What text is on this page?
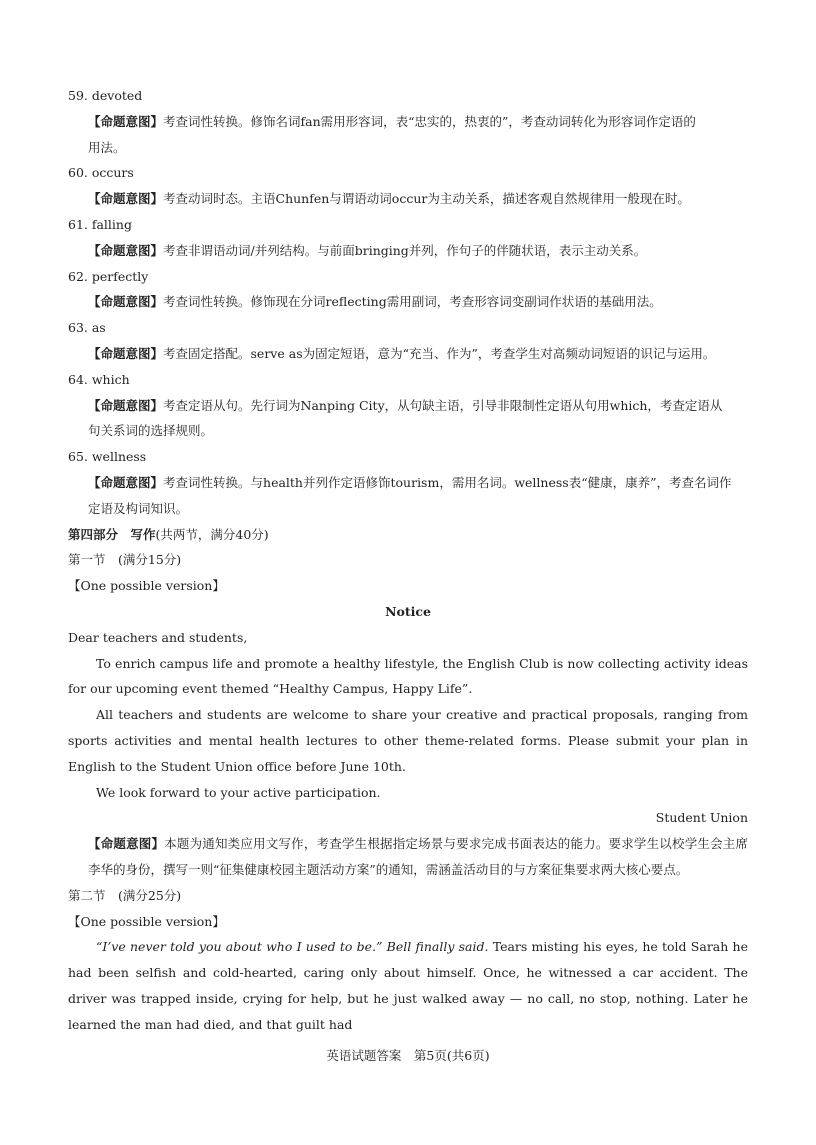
59. devoted
【命题意图】考查词性转换。修饰名词fan需用形容词，表“忠实的，热衷的”，考查动词转化为形容词作定语的
用法。
60. occurs
【命题意图】考查动词时态。主语Chunfen与谓语动词occur为主动关系，描述客观自然规律用一般现在时。
61. falling
【命题意图】考查非谓语动词/并列结构。与前面bringing并列，作句子的伴随状语，表示主动关系。
62. perfectly
【命题意图】考查词性转换。修饰现在分词reflecting需用副词，考查形容词变副词作状语的基础用法。
63. as
【命题意图】考查固定搭配。serve as为固定短语，意为“充当、作为”，考查学生对高频动词短语的识记与运用。
64. which
【命题意图】考查定语从句。先行词为Nanping City，从句缺主语，引导非限制性定语从句用which，考查定语从
句关系词的选择规则。
65. wellness
【命题意图】考查词性转换。与health并列作定语修饰tourism，需用名词。wellness表“健康，康养”，考查名词作
定语及构词知识。
第四部分　写作(共两节，满分40分)
第一节　(满分15分)
【One possible version】
Notice
Dear teachers and students,
To enrich campus life and promote a healthy lifestyle, the English Club is now collecting activity ideas for our upcoming event themed “Healthy Campus, Happy Life”.
All teachers and students are welcome to share your creative and practical proposals, ranging from sports activities and mental health lectures to other theme-related forms. Please submit your plan in English to the Student Union office before June 10th.
We look forward to your active participation.
Student Union
【命题意图】本题为通知类应用文写作，考查学生根据指定场景与要求完成书面表达的能力。要求学生以校学生会主席李华的身份，撰写一则“征集健康校园主题活动方案”的通知，需涵盖活动目的与方案征集要求两大核心要点。
第二节　(满分25分)
【One possible version】
“I’ve never told you about who I used to be.” Bell finally said. Tears misting his eyes, he told Sarah he had been selfish and cold-hearted, caring only about himself. Once, he witnessed a car accident. The driver was trapped inside, crying for help, but he just walked away — no call, no stop, nothing. Later he learned the man had died, and that guilt had
英语试题答案　第5页(共6页)
